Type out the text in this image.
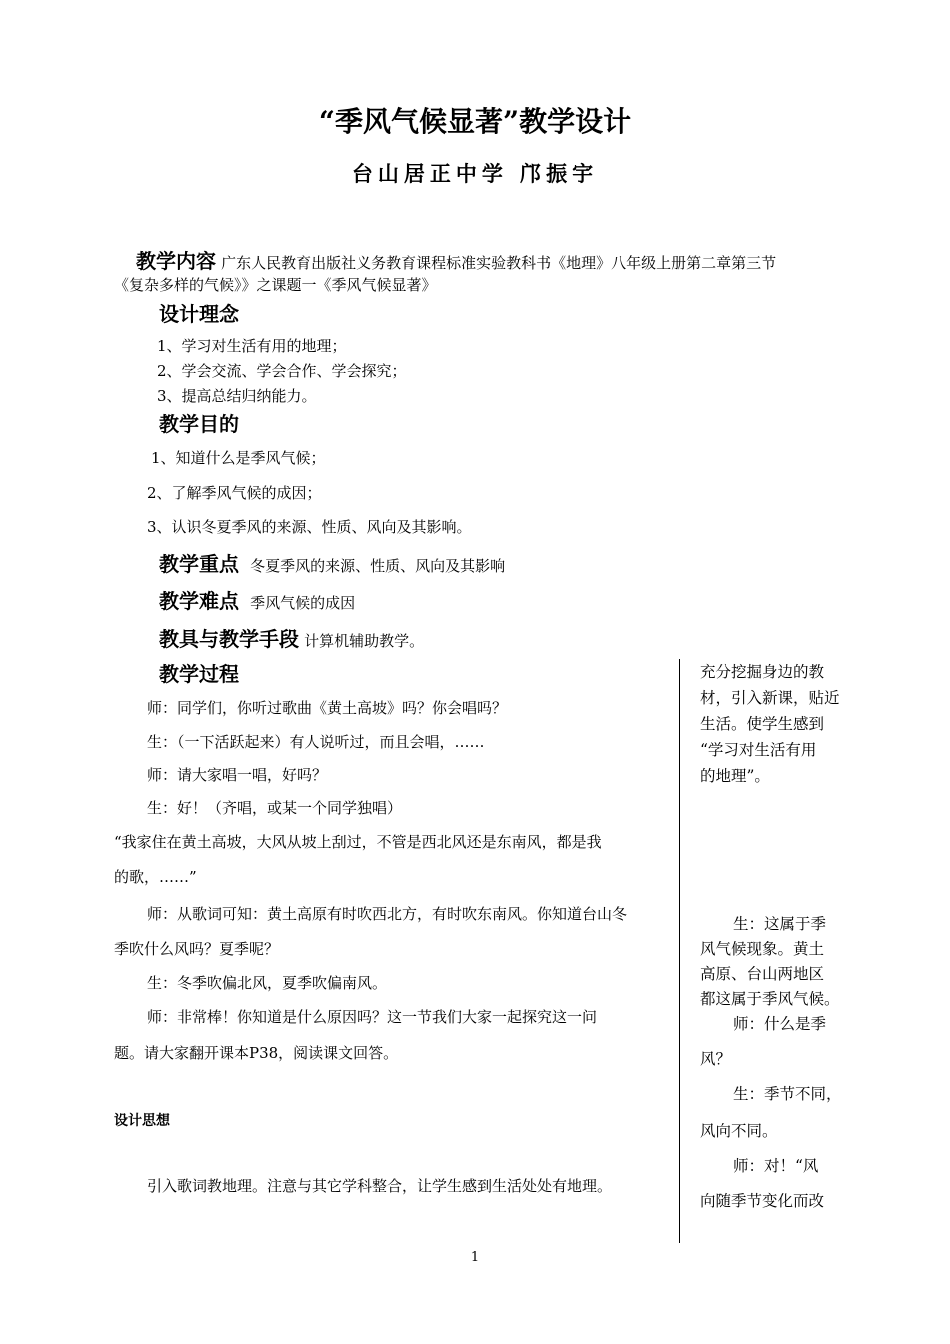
“季风气候显著”教学设计
台山居正中学 邝振宇
教学内容 广东人民教育出版社义务教育课程标准实验教科书《地理》八年级上册第二章第三节
《复杂多样的气候》》之课题一《季风气候显著》
设计理念
1、学习对生活有用的地理；
2、学会交流、学会合作、学会探究；
3、提高总结归纳能力。
教学目的
1、知道什么是季风气候；
2、了解季风气候的成因；
3、认识冬夏季风的来源、性质、风向及其影响。
教学重点 冬夏季风的来源、性质、风向及其影响
教学难点 季风气候的成因
教具与教学手段 计算机辅助教学。
教学过程
师：同学们，你听过歌曲《黄土高坡》吗？你会唱吗？
生：（一下活跃起来）有人说听过，而且会唱，……
师：请大家唱一唱，好吗？
生：好！（齐唱，或某一个同学独唱）
“我家住在黄土高坡，大风从坡上刮过，不管是西北风还是东南风，都是我
的歌，……”
师：从歌词可知：黄土高原有时吹西北方，有时吹东南风。你知道台山冬
季吹什么风吗？夏季呢？
生：冬季吹偏北风，夏季吹偏南风。
师：非常棒！你知道是什么原因吗？这一节我们大家一起探究这一问
题。请大家翻开课本P38，阅读课文回答。
设计思想
引入歌词教地理。注意与其它学科整合，让学生感到生活处处有地理。
充分挖掘身边的教
材，引入新课，贴近
生活。使学生感到
“学习对生活有用
的地理”。
生：这属于季
风气候现象。黄土
高原、台山两地区
都这属于季风气候。
师：什么是季
风？
生：季节不同，
风向不同。
师：对！“风
向随季节变化而改
1
